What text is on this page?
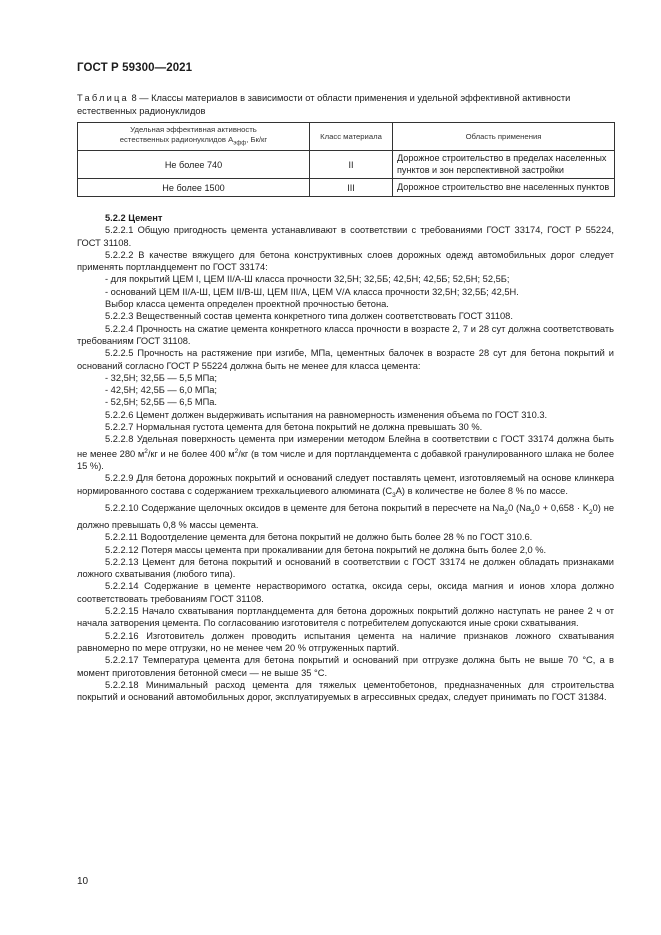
ГОСТ Р 59300—2021
Таблица 8 — Классы материалов в зависимости от области применения и удельной эффективной активности естественных радионуклидов
Удельная эффективная активность
естественных радионуклидов $А_{эфф}$, Бк/кг	Класс материала	Область применения
Не более 740	II	Дорожное строительство в пределах населенных пунктов и зон перспективной застройки
Не более 1500	III	Дорожное строительство вне населенных пунктов

5.2.2 Цемент

5.2.2.1 Общую пригодность цемента устанавливают в соответствии с требованиями ГОСТ 33174, ГОСТ Р 55224, ГОСТ 31108.

5.2.2.2 В качестве вяжущего для бетона конструктивных слоев дорожных одежд автомобильных дорог следует применять портландцемент по ГОСТ 33174:

- для покрытий ЦЕМ I, ЦЕМ II/А-Ш класса прочности 32,5Н; 32,5Б; 42,5Н; 42,5Б; 52,5Н; 52,5Б;

- оснований ЦЕМ II/А-Ш, ЦЕМ II/В-Ш, ЦЕМ III/А, ЦЕМ V/А класса прочности 32,5Н; 32,5Б; 42,5Н.

Выбор класса цемента определен проектной прочностью бетона.

5.2.2.3 Вещественный состав цемента конкретного типа должен соответствовать ГОСТ 31108.

5.2.2.4 Прочность на сжатие цемента конкретного класса прочности в возрасте 2, 7 и 28 сут должна соответствовать требованиям ГОСТ 31108.

5.2.2.5 Прочность на растяжение при изгибе, МПа, цементных балочек в возрасте 28 сут для бетона покрытий и оснований согласно ГОСТ Р 55224 должна быть не менее для класса цемента:

- 32,5Н; 32,5Б — 5,5 МПа;

- 42,5Н; 42,5Б — 6,0 МПа;

- 52,5Н; 52,5Б — 6,5 МПа.

5.2.2.6 Цемент должен выдерживать испытания на равномерность изменения объема по ГОСТ 310.3.

5.2.2.7 Нормальная густота цемента для бетона покрытий не должна превышать 30 %.

5.2.2.8 Удельная поверхность цемента при измерении методом Блейна в соответствии с ГОСТ 33174 должна быть не менее 280 $м^2/кг$ и не более 400 $м^2/кг$ (в том числе и для портландцемента с добавкой гранулированного шлака не более 15 %).

5.2.2.9 Для бетона дорожных покрытий и оснований следует поставлять цемент, изготовляемый на основе клинкера нормированного состава с содержанием трехкальциевого алюмината $(С_3А)$ в количестве не более 8 % по массе.

5.2.2.10 Содержание щелочных оксидов в цементе для бетона покрытий в пересчете на $Na_20$ $(Na_20 + 0,658 \cdot K_20)$ не должно превышать 0,8 % массы цемента.

5.2.2.11 Водоотделение цемента для бетона покрытий не должно быть более 28 % по ГОСТ 310.6.

5.2.2.12 Потеря массы цемента при прокаливании для бетона покрытий не должна быть более 2,0 %.

5.2.2.13 Цемент для бетона покрытий и оснований в соответствии с ГОСТ 33174 не должен обладать признаками ложного схватывания (любого типа).

5.2.2.14 Содержание в цементе нерастворимого остатка, оксида серы, оксида магния и ионов хлора должно соответствовать требованиям ГОСТ 31108.

5.2.2.15 Начало схватывания портландцемента для бетона дорожных покрытий должно наступать не ранее 2 ч от начала затворения цемента. По согласованию изготовителя с потребителем допускаются иные сроки схватывания.

5.2.2.16 Изготовитель должен проводить испытания цемента на наличие признаков ложного схватывания равномерно по мере отгрузки, но не менее чем 20 % отгруженных партий.

5.2.2.17 Температура цемента для бетона покрытий и оснований при отгрузке должна быть не выше 70 °С, а в момент приготовления бетонной смеси — не выше 35 °С.

5.2.2.18 Минимальный расход цемента для тяжелых цементобетонов, предназначенных для строительства покрытий и оснований автомобильных дорог, эксплуатируемых в агрессивных средах, следует принимать по ГОСТ 31384.

10
